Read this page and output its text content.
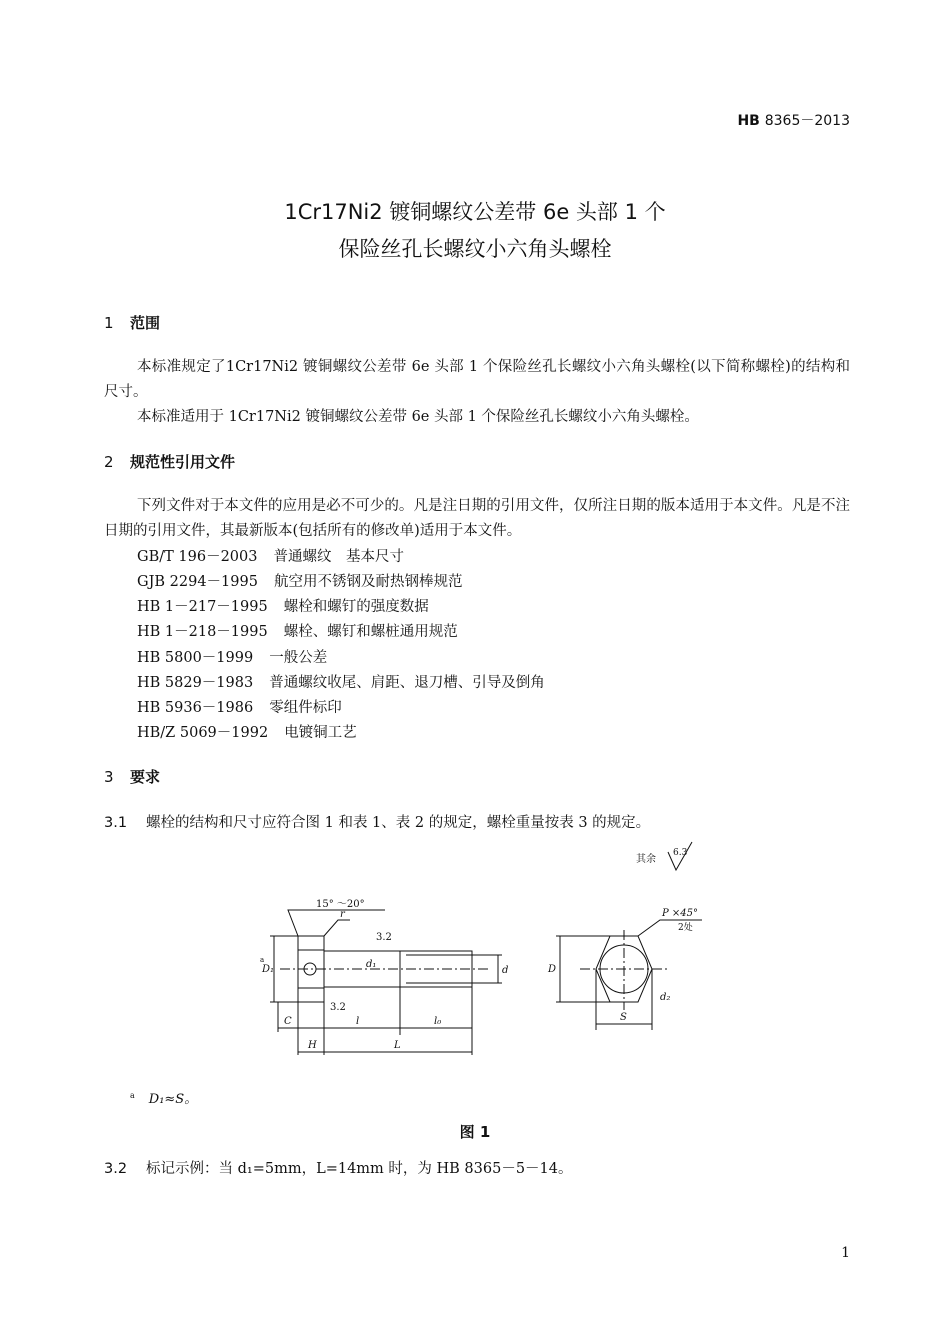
HB 8365－2013
1Cr17Ni2 镀铜螺纹公差带 6e 头部 1 个
保险丝孔长螺纹小六角头螺栓
1 范围
本标准规定了1Cr17Ni2 镀铜螺纹公差带 6e 头部 1 个保险丝孔长螺纹小六角头螺栓(以下简称螺栓)的结构和尺寸。
本标准适用于 1Cr17Ni2 镀铜螺纹公差带 6e 头部 1 个保险丝孔长螺纹小六角头螺栓。
2 规范性引用文件
下列文件对于本文件的应用是必不可少的。凡是注日期的引用文件，仅所注日期的版本适用于本文件。凡是不注日期的引用文件，其最新版本(包括所有的修改单)适用于本文件。
GB/T 196－2003 普通螺纹　基本尺寸
GJB 2294－1995 航空用不锈钢及耐热钢棒规范
HB 1－217－1995 螺栓和螺钉的强度数据
HB 1－218－1995 螺栓、螺钉和螺桩通用规范
HB 5800－1999 一般公差
HB 5829－1983 普通螺纹收尾、肩距、退刀槽、引导及倒角
HB 5936－1986 零组件标印
HB/Z 5069－1992 电镀铜工艺
3 要求
3.1 螺栓的结构和尺寸应符合图 1 和表 1、表 2 的规定，螺栓重量按表 3 的规定。
其余
6.3
15° ～20°
r
3.2
3.2
D₁
a	d₁
d
C	l	l₀
H	L
P ×45°
2处
D
d₂
S
$^a$ D₁≈S。
图 1
3.2 标记示例：当 d₁=5mm，L=14mm 时，为 HB 8365－5－14。
1
